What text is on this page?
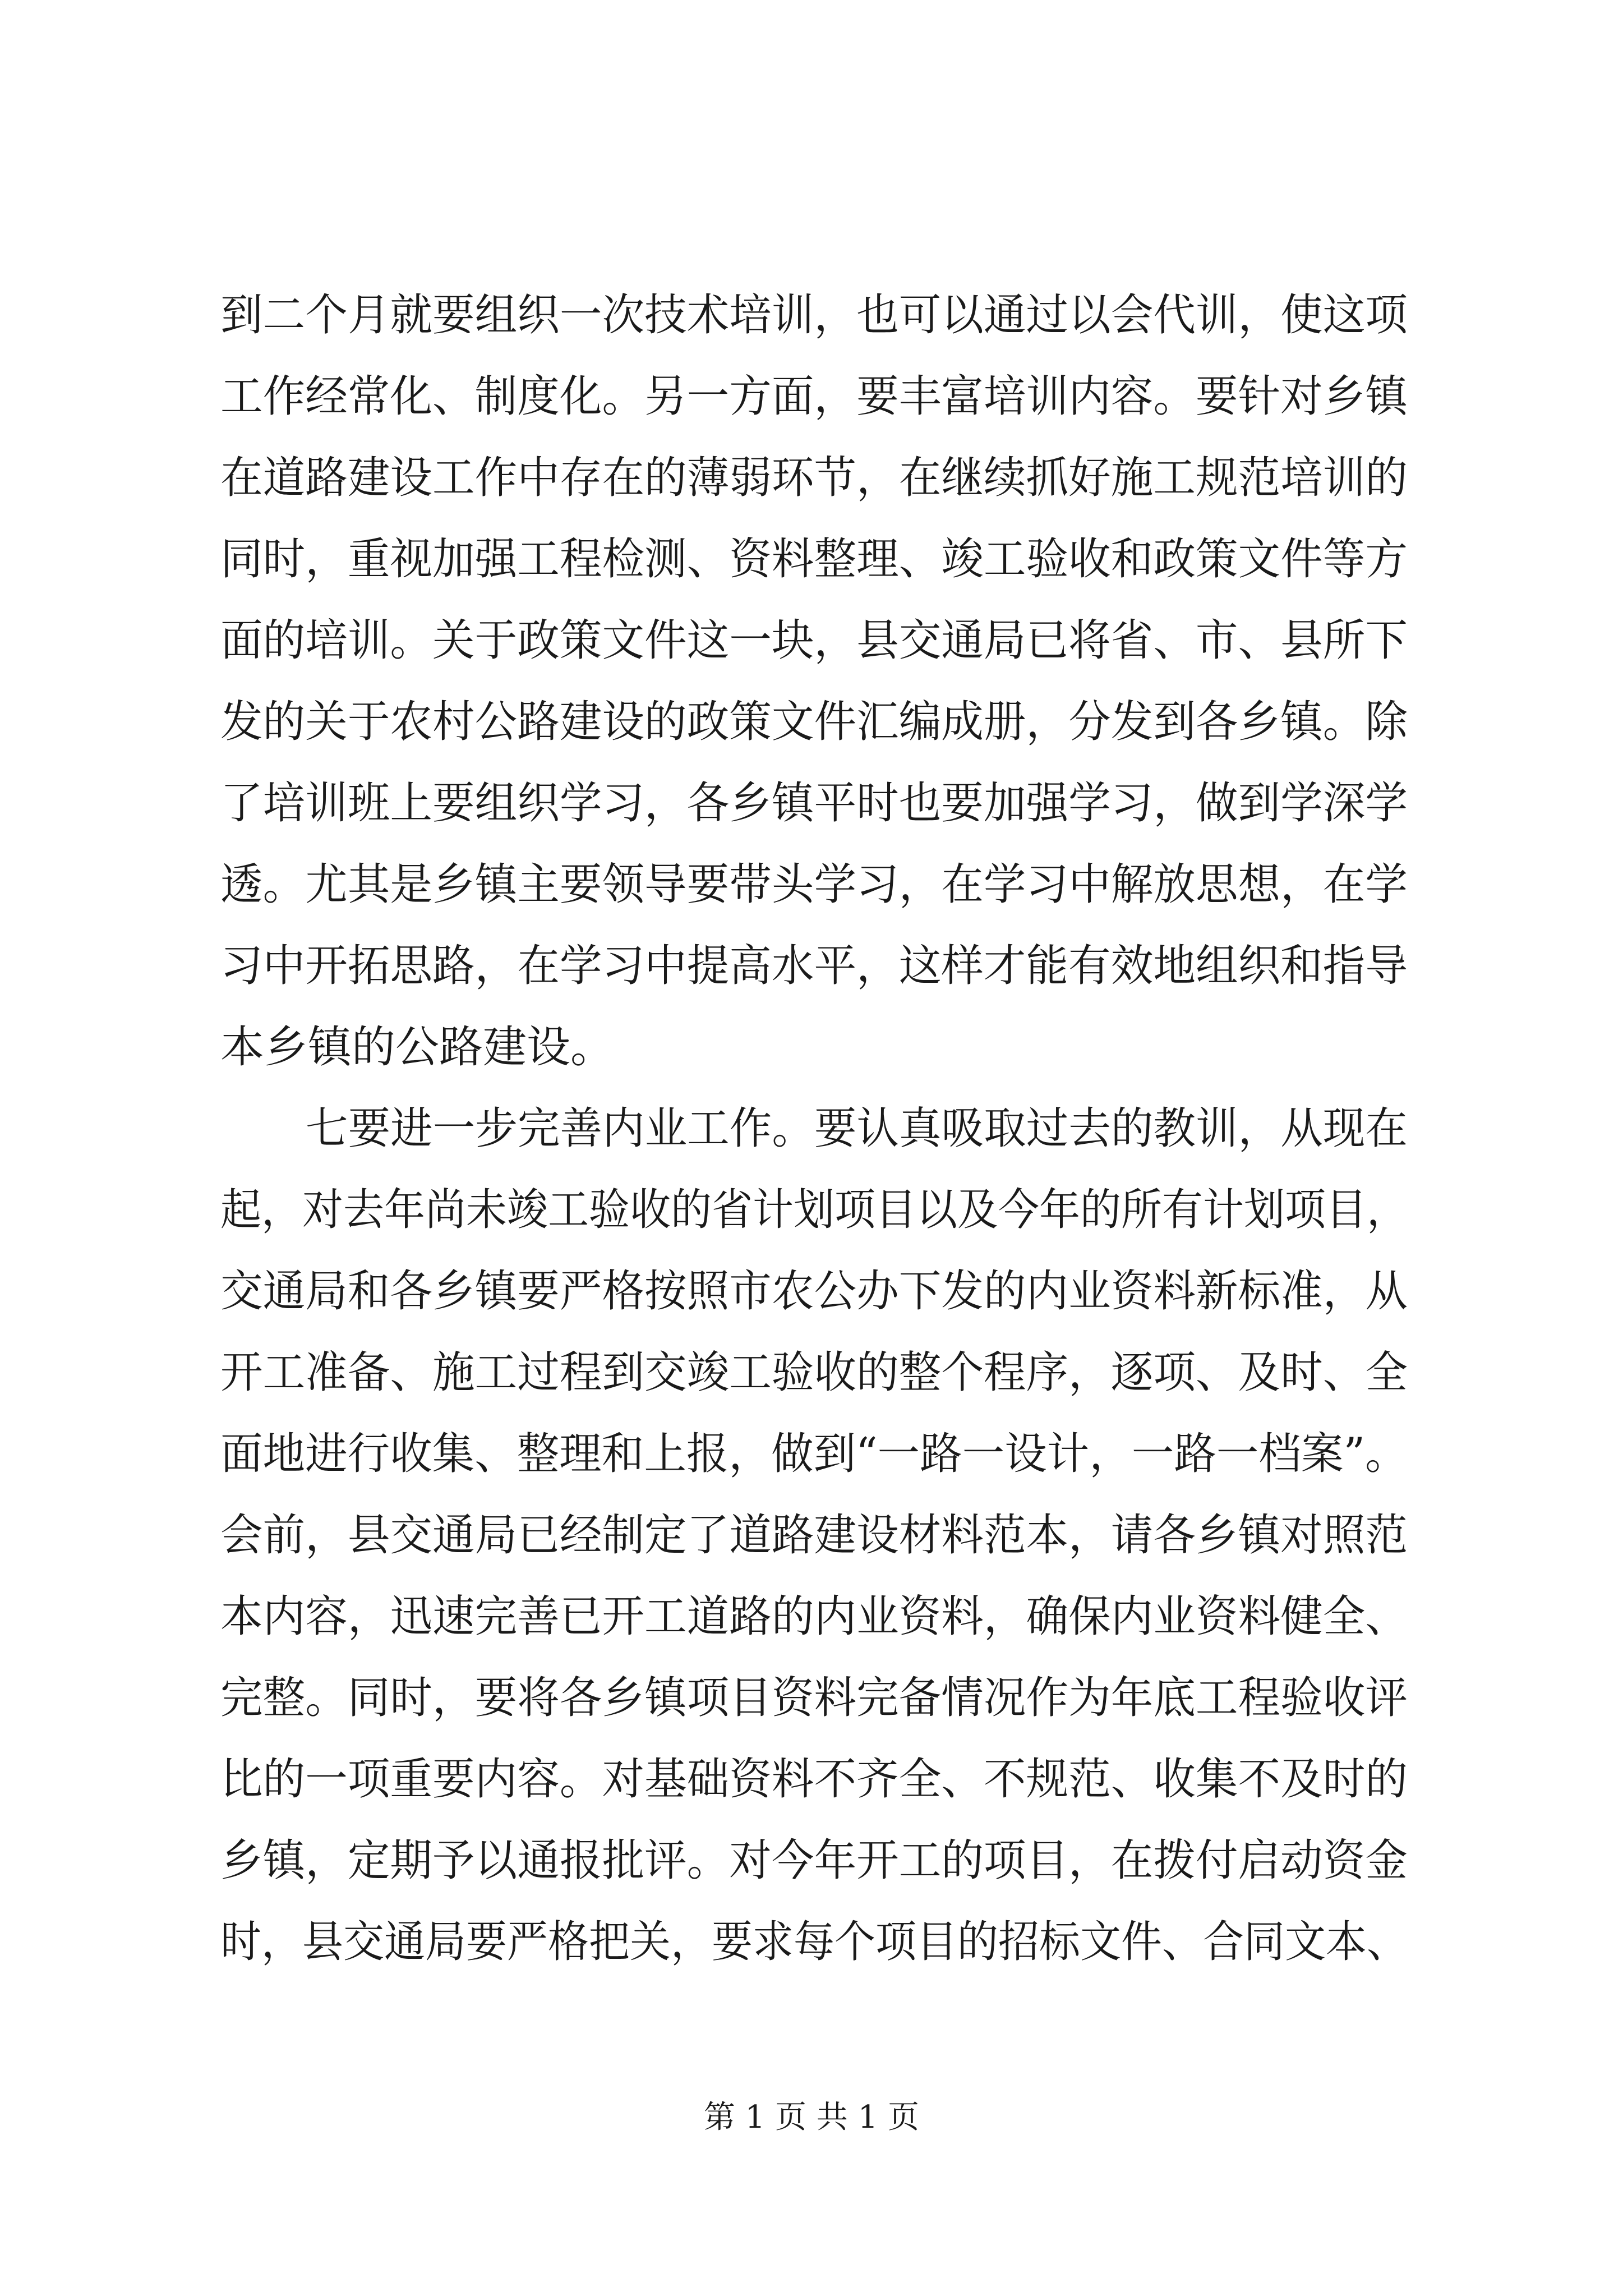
到二个月就要组织一次技术培训，也可以通过以会代训，使这项
工作经常化、制度化。另一方面，要丰富培训内容。要针对乡镇
在道路建设工作中存在的薄弱环节，在继续抓好施工规范培训的
同时，重视加强工程检测、资料整理、竣工验收和政策文件等方
面的培训。关于政策文件这一块，县交通局已将省、市、县所下
发的关于农村公路建设的政策文件汇编成册，分发到各乡镇。除
了培训班上要组织学习，各乡镇平时也要加强学习，做到学深学
透。尤其是乡镇主要领导要带头学习，在学习中解放思想，在学
习中开拓思路，在学习中提高水平，这样才能有效地组织和指导
本乡镇的公路建设。
七要进一步完善内业工作。要认真吸取过去的教训，从现在
起，对去年尚未竣工验收的省计划项目以及今年的所有计划项目，
交通局和各乡镇要严格按照市农公办下发的内业资料新标准，从
开工准备、施工过程到交竣工验收的整个程序，逐项、及时、全
面地进行收集、整理和上报，做到“一路一设计，一路一档案”。
会前，县交通局已经制定了道路建设材料范本，请各乡镇对照范
本内容，迅速完善已开工道路的内业资料，确保内业资料健全、
完整。同时，要将各乡镇项目资料完备情况作为年底工程验收评
比的一项重要内容。对基础资料不齐全、不规范、收集不及时的
乡镇，定期予以通报批评。对今年开工的项目，在拨付启动资金
时，县交通局要严格把关，要求每个项目的招标文件、合同文本、
第 1 页 共 1 页
